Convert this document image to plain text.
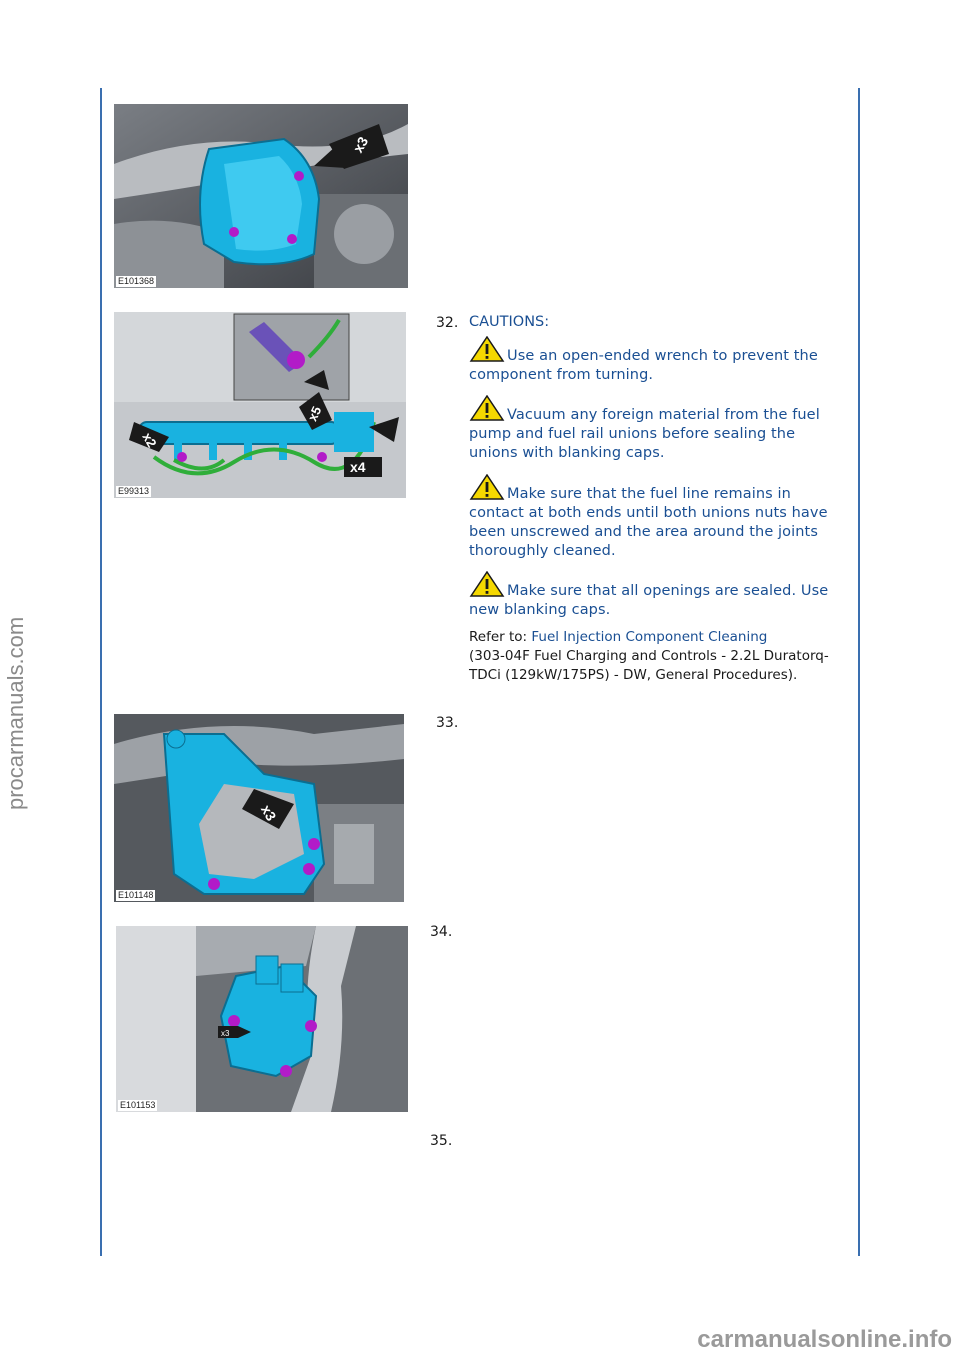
procarmanuals.com
carmanualsonline.info
x3
E101368
x2
x5
x4
E99313
x3
E101148
x3
E101153
32. CAUTIONS:
Use an open-ended wrench to prevent the component from turning.
Vacuum any foreign material from the fuel pump and fuel rail unions before sealing the unions with blanking caps.
Make sure that the fuel line remains in contact at both ends until both unions nuts have been unscrewed and the area around the joints thoroughly cleaned.
Make sure that all openings are sealed. Use new blanking caps.
Refer to: Fuel Injection Component Cleaning
(303-04F Fuel Charging and Controls - 2.2L Duratorq-TDCi (129kW/175PS) - DW, General Procedures).
33.
34.
35.
